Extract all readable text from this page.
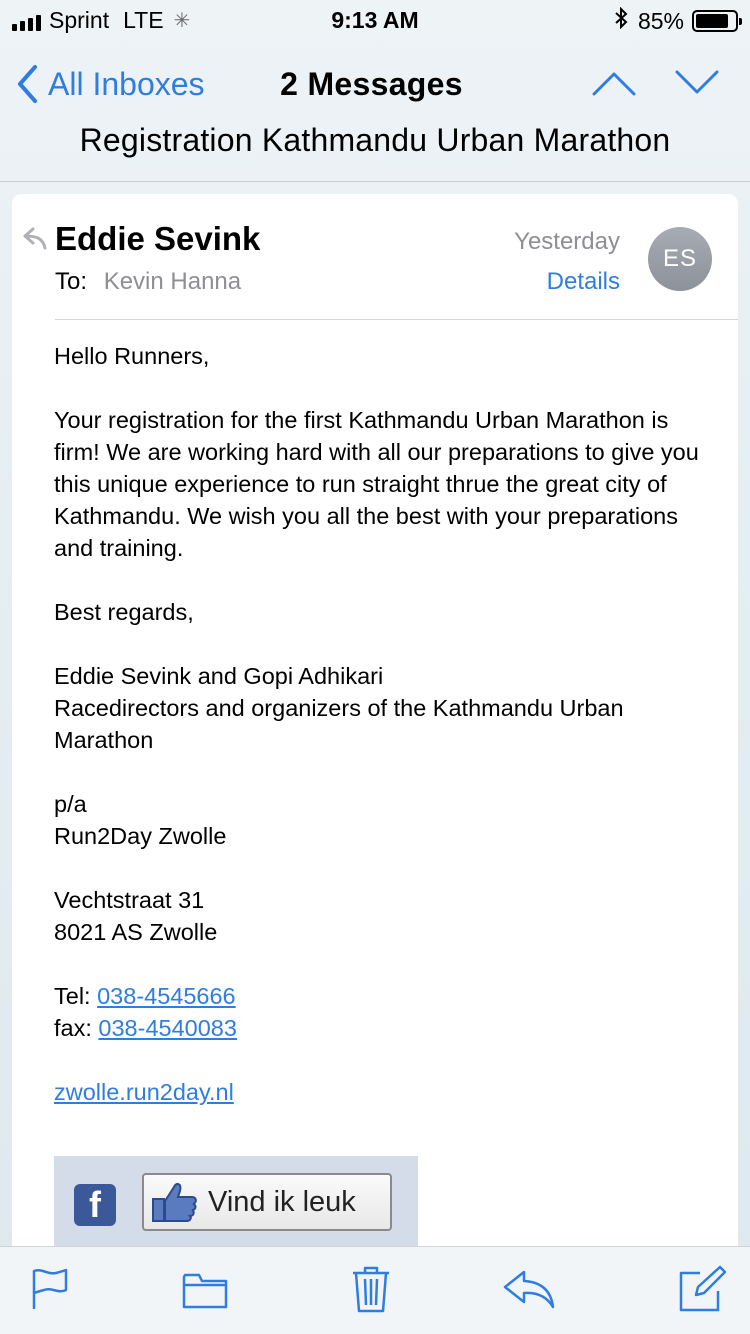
Sprint LTE ✳	9:13 AM	85%
All Inboxes	2 Messages
Registration Kathmandu Urban Marathon
Eddie Sevink
To: Kevin Hanna
Yesterday
Details
ES

Hello Runners,

Your registration for the first Kathmandu Urban Marathon is firm! We are working hard with all our preparations to give you this unique experience to run straight thrue the great city of Kathmandu. We wish you all the best with your preparations and training.

Best regards,

Eddie Sevink and Gopi Adhikari

Racedirectors and organizers of the Kathmandu Urban Marathon

p/a

Run2Day Zwolle

Vechtstraat 31

8021 AS Zwolle

Tel: 038-4545666

fax: 038-4540083

zwolle.run2day.nl

f	Vind ik leuk
